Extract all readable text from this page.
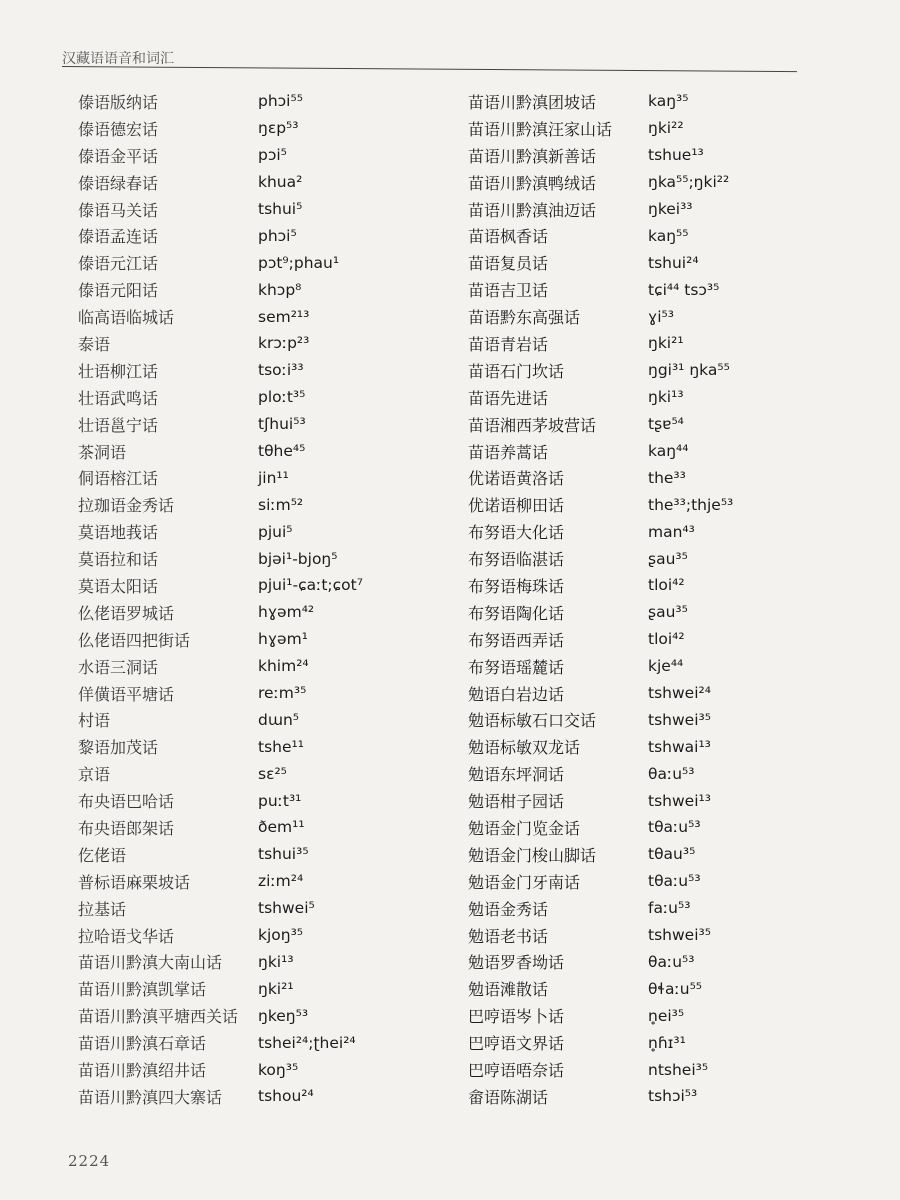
汉藏语语音和词汇
傣语版纳话	phɔi⁵⁵
傣语德宏话	ŋɛp⁵³
傣语金平话	pɔi⁵
傣语绿春话	khua²
傣语马关话	tshui⁵
傣语孟连话	phɔi⁵
傣语元江话	pɔt⁹;phau¹
傣语元阳话	khɔp⁸
临高语临城话	sem²¹³
泰语	krɔːp²³
壮语柳江话	tsoːi³³
壮语武鸣话	ploːt³⁵
壮语邕宁话	tʃhui⁵³
茶洞语	tθhe⁴⁵
侗语榕江话	jin¹¹
拉珈语金秀话	siːm⁵²
莫语地莪话	pjui⁵
莫语拉和话	bjəi¹-bjoŋ⁵
莫语太阳话	pjui¹-ɕaːt;ɕot⁷
仫佬语罗城话	hɣəm⁴²
仫佬语四把街话	hɣəm¹
水语三洞话	khim²⁴
佯僙语平塘话	reːm³⁵
村语	dɯn⁵
黎语加茂话	tshe¹¹
京语	sɛ²⁵
布央语巴哈话	puːt³¹
布央语郎架话	ðem¹¹
仡佬语	tshui³⁵
普标语麻栗坡话	ziːm²⁴
拉基话	tshwei⁵
拉哈语戈华话	kjoŋ³⁵
苗语川黔滇大南山话	ŋki¹³
苗语川黔滇凯掌话	ŋki²¹
苗语川黔滇平塘西关话	ŋkeŋ⁵³
苗语川黔滇石章话	tshei²⁴;ʈhei²⁴
苗语川黔滇绍井话	koŋ³⁵
苗语川黔滇四大寨话	tshou²⁴
苗语川黔滇团坡话	kaŋ³⁵
苗语川黔滇汪家山话	ŋki²²
苗语川黔滇新善话	tshue¹³
苗语川黔滇鸭绒话	ŋka⁵⁵;ŋki²²
苗语川黔滇油迈话	ŋkei³³
苗语枫香话	kaŋ⁵⁵
苗语复员话	tshui²⁴
苗语吉卫话	tɕi⁴⁴ tsɔ³⁵
苗语黔东高强话	ɣi⁵³
苗语青岩话	ŋki²¹
苗语石门坎话	ŋgi³¹ ŋka⁵⁵
苗语先进话	ŋki¹³
苗语湘西茅坡营话	tʂɐ⁵⁴
苗语养蒿话	kaŋ⁴⁴
优诺语黄洛话	the³³
优诺语柳田话	the³³;thje⁵³
布努语大化话	man⁴³
布努语临湛话	ʂau³⁵
布努语梅珠话	tloi⁴²
布努语陶化话	ʂau³⁵
布努语西弄话	tloi⁴²
布努语瑶麓话	kje⁴⁴
勉语白岩边话	tshwei²⁴
勉语标敏石口交话	tshwei³⁵
勉语标敏双龙话	tshwai¹³
勉语东坪洞话	θaːu⁵³
勉语柑子园话	tshwei¹³
勉语金门览金话	tθaːu⁵³
勉语金门梭山脚话	tθau³⁵
勉语金门牙南话	tθaːu⁵³
勉语金秀话	faːu⁵³
勉语老书话	tshwei³⁵
勉语罗香坳话	θaːu⁵³
勉语滩散话	θɬaːu⁵⁵
巴哼语岑卜话	n̥ei³⁵
巴哼语文界话	n̥ɦɪ³¹
巴哼语唔奈话	ntshei³⁵
畲语陈湖话	tshɔi⁵³
2224
